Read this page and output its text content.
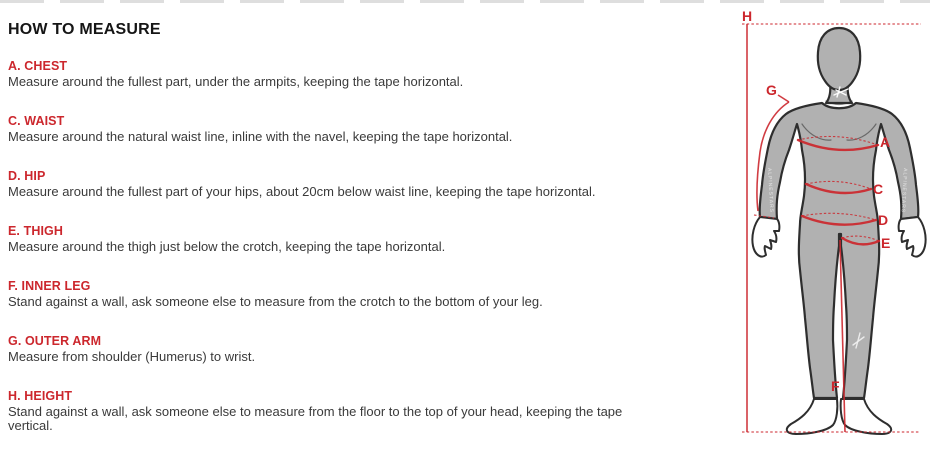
HOW TO MEASURE
A. CHEST

Measure around the fullest part, under the armpits, keeping the tape horizontal.

C. WAIST

Measure around the natural waist line, inline with the navel, keeping the tape horizontal.

D. HIP

Measure around the fullest part of your hips, about 20cm below waist line, keeping the tape horizontal.

E. THIGH

Measure around the thigh just below the crotch, keeping the tape horizontal.

F. INNER LEG

Stand against a wall, ask someone else to measure from the crotch to the bottom of your leg.

G. OUTER ARM

Measure from shoulder (Humerus) to wrist.

H. HEIGHT

Stand against a wall, ask someone else to measure from the floor to the top of your head, keeping the tape vertical.

ALPINESTARS	ALPINESTARS
H
G
A
C
D
E
F
